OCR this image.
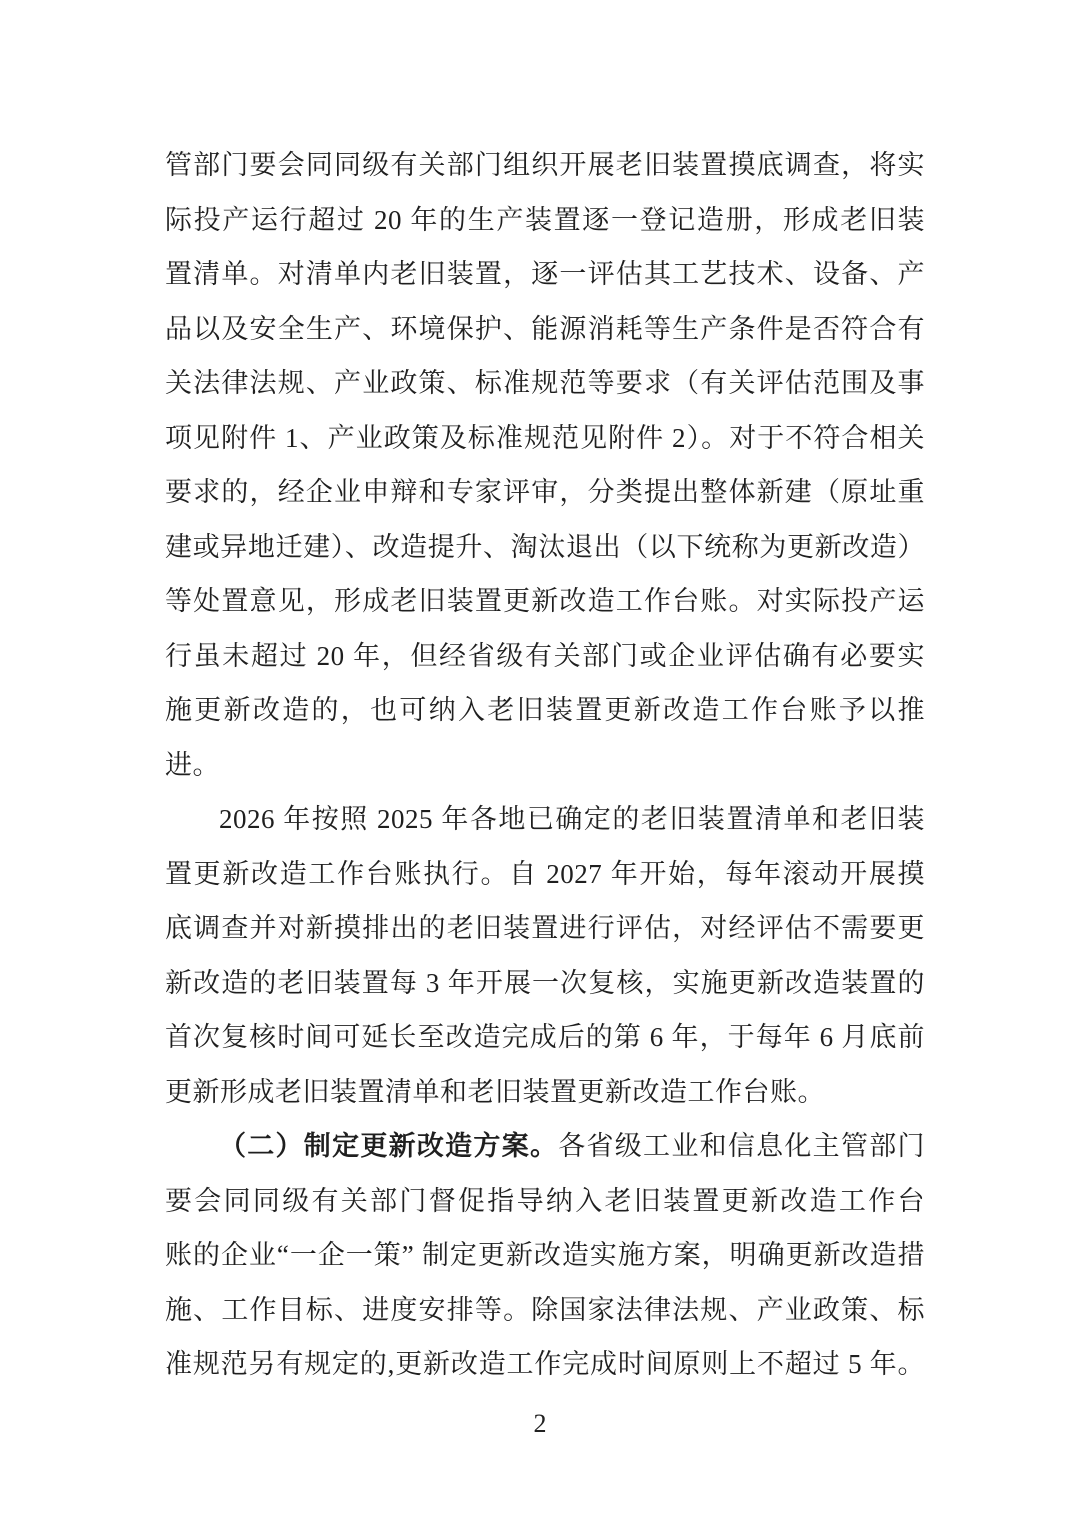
管部门要会同同级有关部门组织开展老旧装置摸底调查，将实
际投产运行超过 20 年的生产装置逐一登记造册，形成老旧装
置清单。对清单内老旧装置，逐一评估其工艺技术、设备、产
品以及安全生产、环境保护、能源消耗等生产条件是否符合有
关法律法规、产业政策、标准规范等要求（有关评估范围及事
项见附件 1、产业政策及标准规范见附件 2）。对于不符合相关
要求的，经企业申辩和专家评审，分类提出整体新建（原址重
建或异地迁建）、改造提升、淘汰退出（以下统称为更新改造）
等处置意见，形成老旧装置更新改造工作台账。对实际投产运
行虽未超过 20 年，但经省级有关部门或企业评估确有必要实
施更新改造的，也可纳入老旧装置更新改造工作台账予以推
进。
2026 年按照 2025 年各地已确定的老旧装置清单和老旧装
置更新改造工作台账执行。自 2027 年开始，每年滚动开展摸
底调查并对新摸排出的老旧装置进行评估，对经评估不需要更
新改造的老旧装置每 3 年开展一次复核，实施更新改造装置的
首次复核时间可延长至改造完成后的第 6 年，于每年 6 月底前
更新形成老旧装置清单和老旧装置更新改造工作台账。
（二）制定更新改造方案。各省级工业和信息化主管部门
要会同同级有关部门督促指导纳入老旧装置更新改造工作台
账的企业“一企一策” 制定更新改造实施方案，明确更新改造措
施、工作目标、进度安排等。除国家法律法规、产业政策、标
准规范另有规定的,更新改造工作完成时间原则上不超过 5 年。
2
